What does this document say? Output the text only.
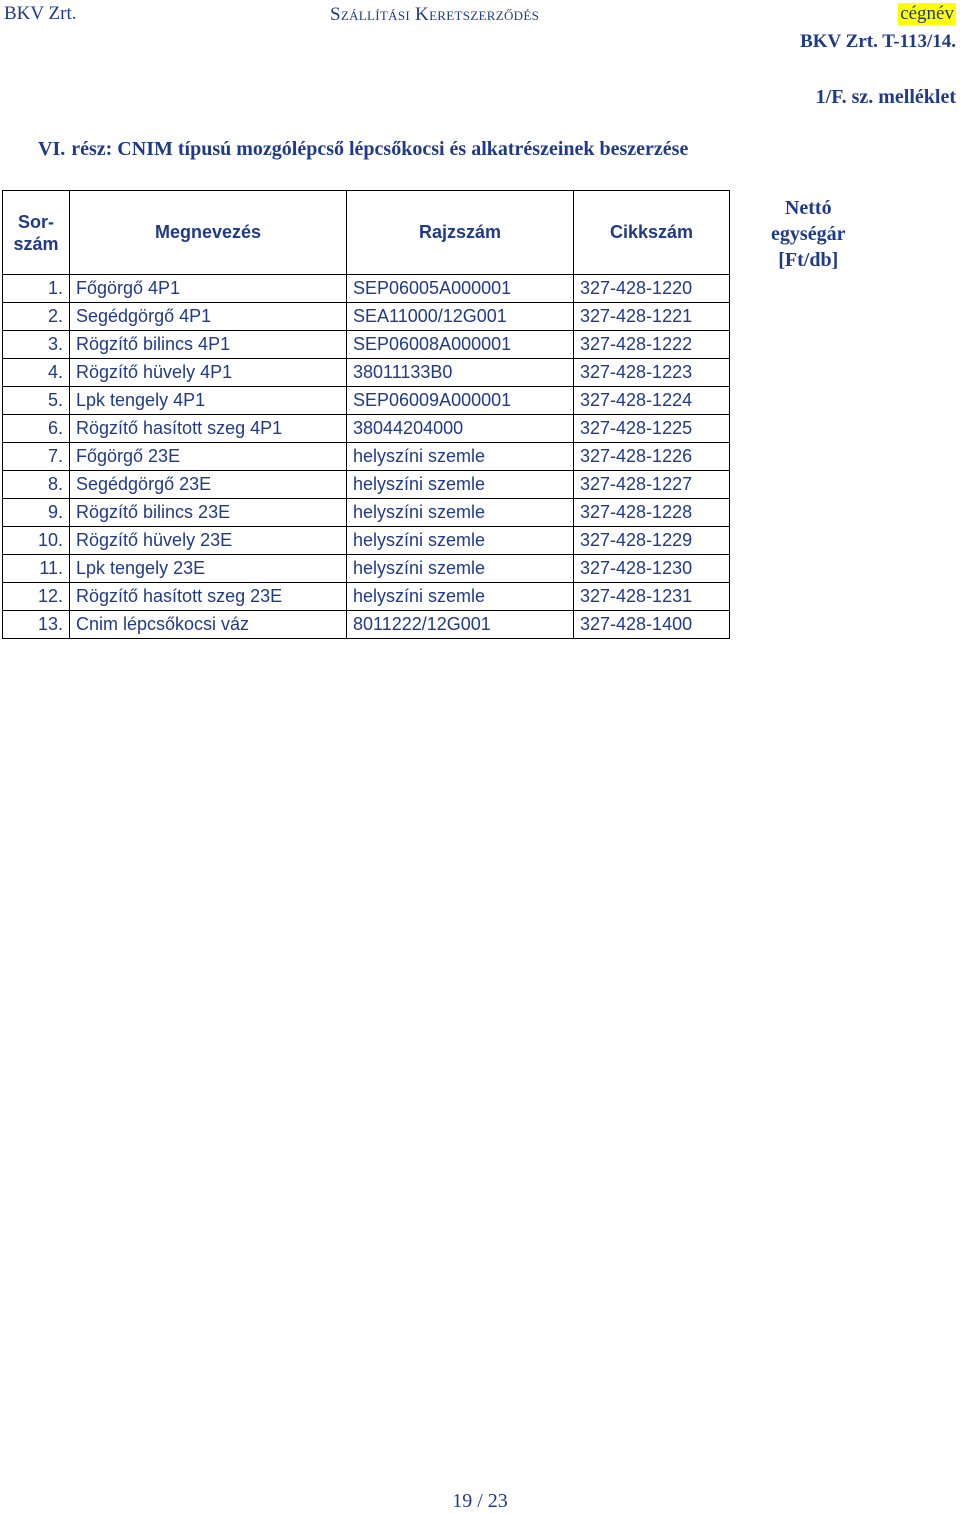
BKV Zrt.	Szállítási Keretszerződés	cégnév
BKV Zrt. T-113/14.
1/F. sz. melléklet
VI. rész: CNIM típusú mozgólépcső lépcsőkocsi és alkatrészeinek beszerzése
Sor-
szám	Megnevezés	Rajzszám	Cikkszám	Nettó
egységár
[Ft/db]
1.	Főgörgő 4P1	SEP06005A000001	327-428-1220	
2.	Segédgörgő 4P1	SEA11000/12G001	327-428-1221	
3.	Rögzítő bilincs 4P1	SEP06008A000001	327-428-1222	
4.	Rögzítő hüvely 4P1	38011133B0	327-428-1223	
5.	Lpk tengely 4P1	SEP06009A000001	327-428-1224	
6.	Rögzítő hasított szeg 4P1	38044204000	327-428-1225	
7.	Főgörgő 23E	helyszíni szemle	327-428-1226	
8.	Segédgörgő 23E	helyszíni szemle	327-428-1227	
9.	Rögzítő bilincs 23E	helyszíni szemle	327-428-1228	
10.	Rögzítő hüvely 23E	helyszíni szemle	327-428-1229	
11.	Lpk tengely 23E	helyszíni szemle	327-428-1230	
12.	Rögzítő hasított szeg 23E	helyszíni szemle	327-428-1231	
13.	Cnim lépcsőkocsi váz	8011222/12G001	327-428-1400	
19 / 23
